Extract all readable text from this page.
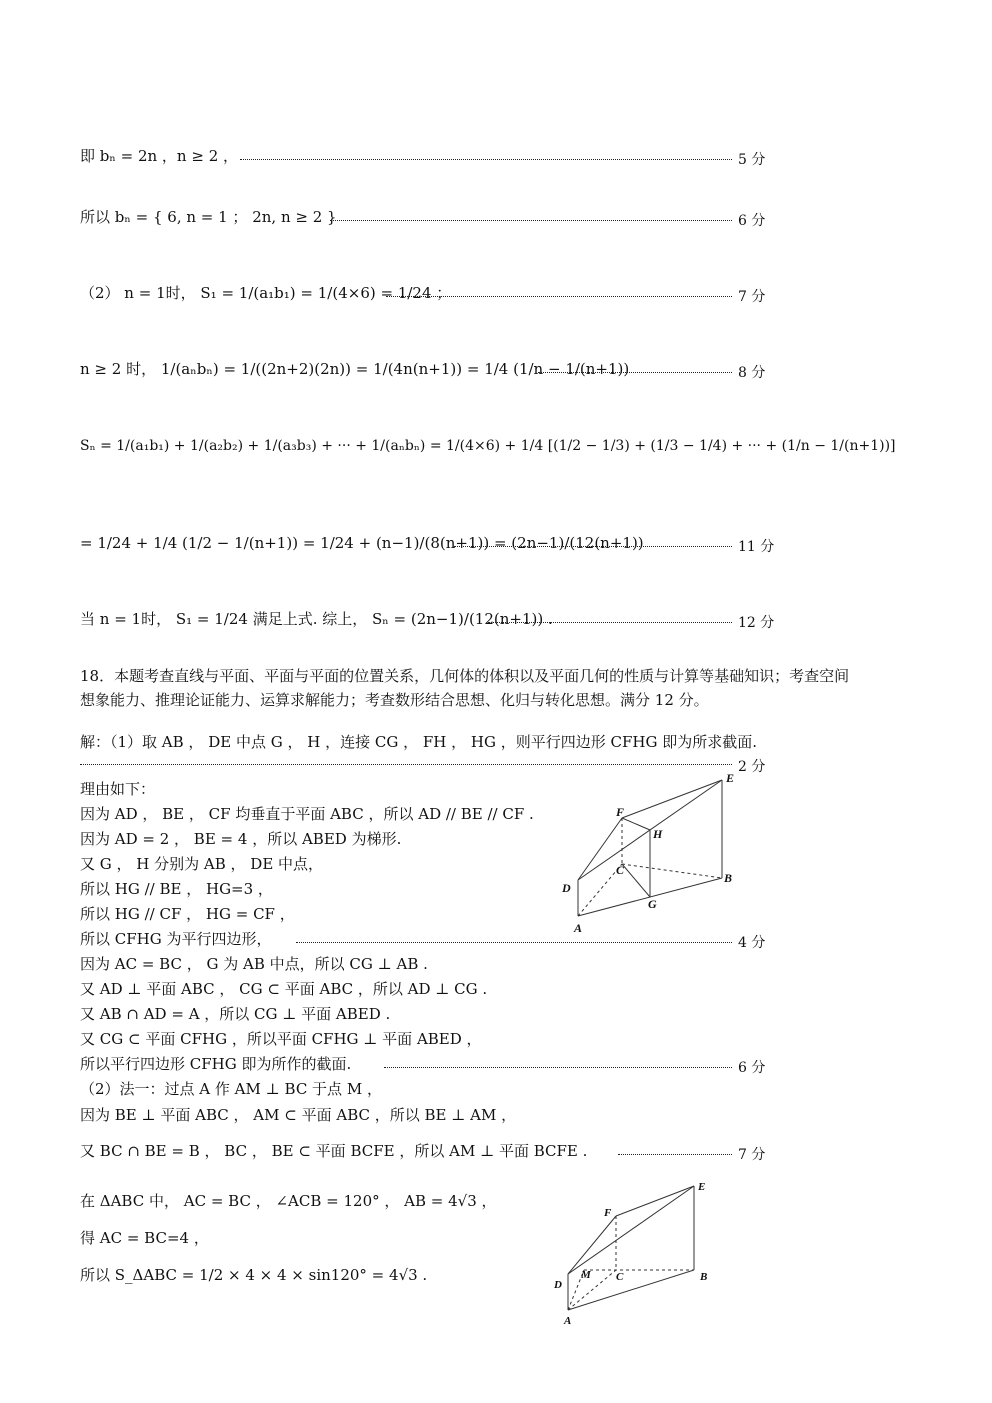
即 bₙ = 2n ，n ≥ 2 ，	5 分
所以 bₙ = { 6, n = 1 ； 2n, n ≥ 2 }	6 分
（2） n = 1时， S₁ = 1/(a₁b₁) = 1/(4×6) = 1/24 ；	7 分
n ≥ 2 时， 1/(aₙbₙ) = 1/((2n+2)(2n)) = 1/(4n(n+1)) = 1/4 (1/n − 1/(n+1))	8 分
Sₙ = 1/(a₁b₁) + 1/(a₂b₂) + 1/(a₃b₃) + ··· + 1/(aₙbₙ) = 1/(4×6) + 1/4 [(1/2 − 1/3) + (1/3 − 1/4) + ··· + (1/n − 1/(n+1))]
= 1/24 + 1/4 (1/2 − 1/(n+1)) = 1/24 + (n−1)/(8(n+1)) = (2n−1)/(12(n+1))	11 分
当 n = 1时， S₁ = 1/24 满足上式. 综上， Sₙ = (2n−1)/(12(n+1)) .	12 分
18．本题考查直线与平面、平面与平面的位置关系，几何体的体积以及平面几何的性质与计算等基础知识；考查空间想象能力、推理论证能力、运算求解能力；考查数形结合思想、化归与转化思想。满分 12 分。
解：（1）取 AB ， DE 中点 G ， H ，连接 CG ， FH ， HG ，则平行四边形 CFHG 即为所求截面.
2 分
理由如下：
因为 AD ， BE ， CF 均垂直于平面 ABC ，所以 AD // BE // CF .
因为 AD = 2 ， BE = 4 ，所以 ABED 为梯形.
又 G ， H 分别为 AB ， DE 中点，
所以 HG // BE ， HG=3 ，
所以 HG // CF ， HG = CF ，
所以 CFHG 为平行四边形，	4 分
因为 AC = BC ， G 为 AB 中点，所以 CG ⊥ AB .
又 AD ⊥ 平面 ABC ， CG ⊂ 平面 ABC ，所以 AD ⊥ CG .
又 AB ∩ AD = A ，所以 CG ⊥ 平面 ABED .
又 CG ⊂ 平面 CFHG ，所以平面 CFHG ⊥ 平面 ABED ，
所以平行四边形 CFHG 即为所作的截面.	6 分
（2）法一：过点 A 作 AM ⊥ BC 于点 M ，
因为 BE ⊥ 平面 ABC ， AM ⊂ 平面 ABC ，所以 BE ⊥ AM ，
又 BC ∩ BE = B ， BC ， BE ⊂ 平面 BCFE ，所以 AM ⊥ 平面 BCFE .	7 分
在 ΔABC 中， AC = BC ， ∠ACB = 120° ， AB = 4√3 ，
得 AC = BC=4 ，
所以 S_ΔABC = 1/2 × 4 × 4 × sin120° = 4√3 .
E
F
H
C
B
D
G
A
E
F
D
M C	B
A
